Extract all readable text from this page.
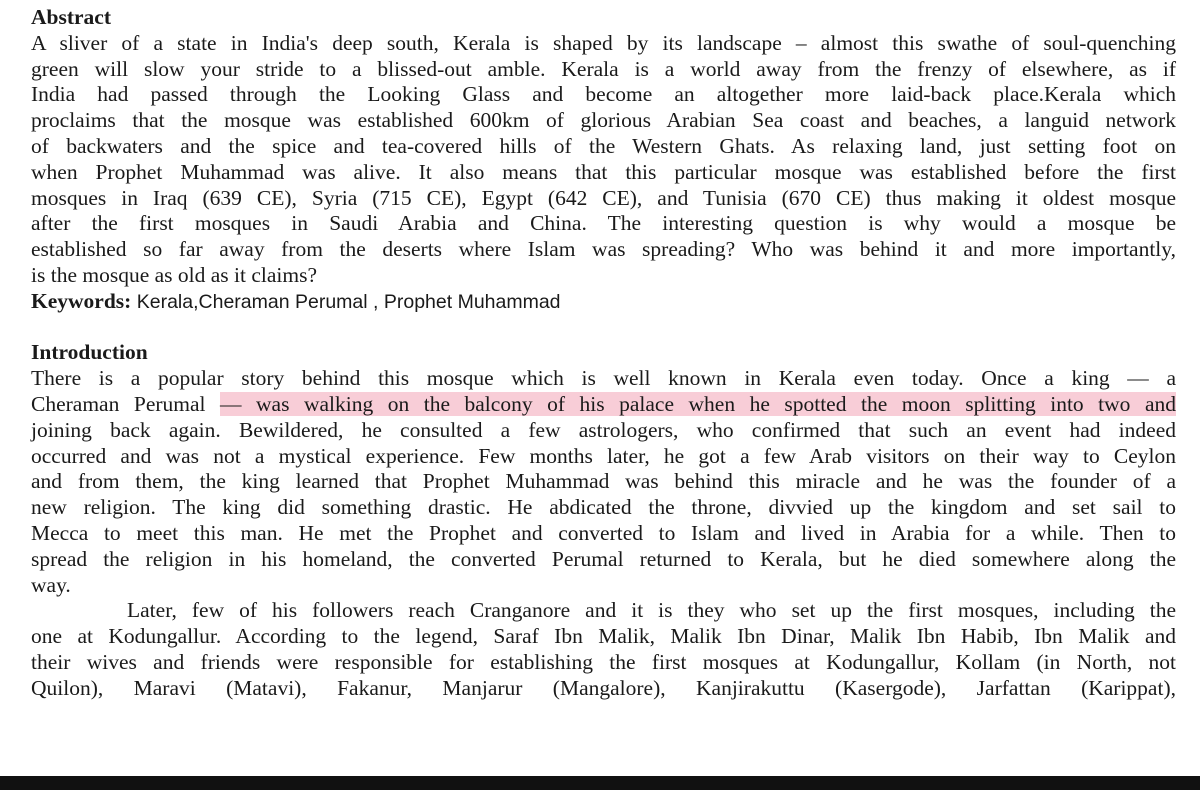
Abstract
A sliver of a state in India's deep south, Kerala is shaped by its landscape – almost this swathe of soul-quenching
green will slow your stride to a blissed-out amble. Kerala is a world away from the frenzy of elsewhere, as if
India had passed through the Looking Glass and become an altogether more laid-back place.Kerala which
proclaims that the mosque was established 600km of glorious Arabian Sea coast and beaches, a languid network
of backwaters and the spice and tea-covered hills of the Western Ghats. As relaxing land, just setting foot on
when Prophet Muhammad was alive. It also means that this particular mosque was established before the first
mosques in Iraq (639 CE), Syria (715 CE), Egypt (642 CE), and Tunisia (670 CE) thus making it oldest mosque
after the first mosques in Saudi Arabia and China. The interesting question is why would a mosque be
established so far away from the deserts where Islam was spreading? Who was behind it and more importantly,
is the mosque as old as it claims?
Keywords: Kerala,Cheraman Perumal , Prophet Muhammad
Introduction
There is a popular story behind this mosque which is well known in Kerala even today. Once a king — a
Cheraman Perumal — was walking on the balcony of his palace when he spotted the moon splitting into two and
joining back again. Bewildered, he consulted a few astrologers, who confirmed that such an event had indeed
occurred and was not a mystical experience. Few months later, he got a few Arab visitors on their way to Ceylon
and from them, the king learned that Prophet Muhammad was behind this miracle and he was the founder of a
new religion. The king did something drastic. He abdicated the throne, divvied up the kingdom and set sail to
Mecca to meet this man. He met the Prophet and converted to Islam and lived in Arabia for a while. Then to
spread the religion in his homeland, the converted Perumal returned to Kerala, but he died somewhere along the
way.
Later, few of his followers reach Cranganore and it is they who set up the first mosques, including the
one at Kodungallur. According to the legend, Saraf Ibn Malik, Malik Ibn Dinar, Malik Ibn Habib, Ibn Malik and
their wives and friends were responsible for establishing the first mosques at Kodungallur, Kollam (in North, not
Quilon), Maravi (Matavi), Fakanur, Manjarur (Mangalore), Kanjirakuttu (Kasergode), Jarfattan (Karippat),
